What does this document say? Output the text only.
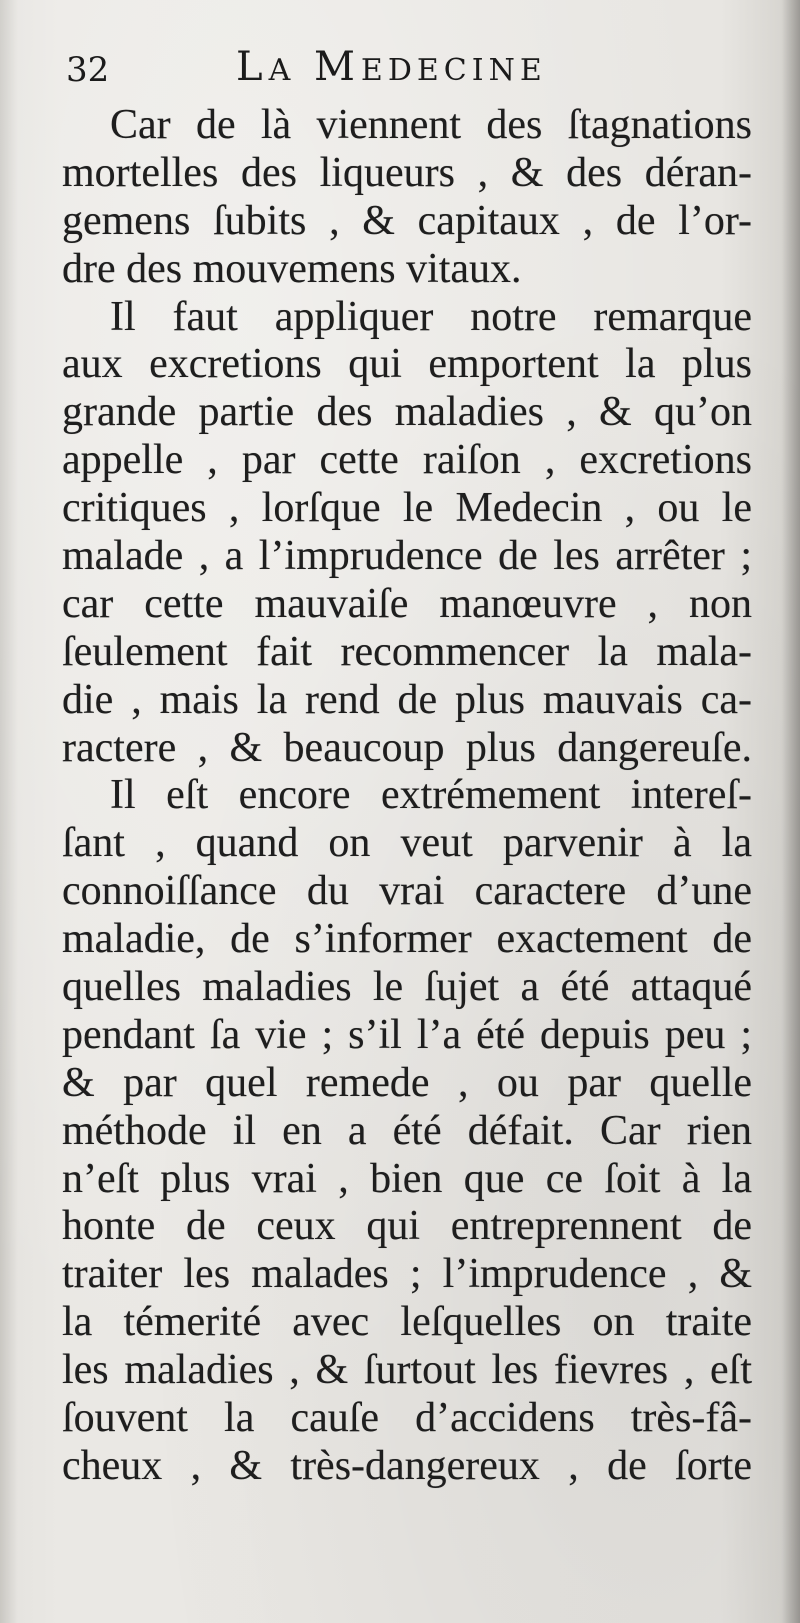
32	LA MEDECINE
Car de là viennent des ſtagnations
mortelles des liqueurs , & des déran-
gemens ſubits , & capitaux , de l’or-
dre des mouvemens vitaux.
Il faut appliquer notre remarque
aux excretions qui emportent la plus
grande partie des maladies , & qu’on
appelle , par cette raiſon , excretions
critiques , lorſque le Medecin , ou le
malade , a l’imprudence de les arrêter ;
car cette mauvaiſe manœuvre , non
ſeulement fait recommencer la mala-
die , mais la rend de plus mauvais ca-
ractere , & beaucoup plus dangereuſe.
Il eſt encore extrémement intereſ-
ſant , quand on veut parvenir à la
connoiſſance du vrai caractere d’une
maladie, de s’informer exactement de
quelles maladies le ſujet a été attaqué
pendant ſa vie ; s’il l’a été depuis peu ;
& par quel remede , ou par quelle
méthode il en a été défait. Car rien
n’eſt plus vrai , bien que ce ſoit à la
honte de ceux qui entreprennent de
traiter les malades ; l’imprudence , &
la témerité avec leſquelles on traite
les maladies , & ſurtout les fievres , eſt
ſouvent la cauſe d’accidens très-fâ-
cheux , & très-dangereux , de ſorte
